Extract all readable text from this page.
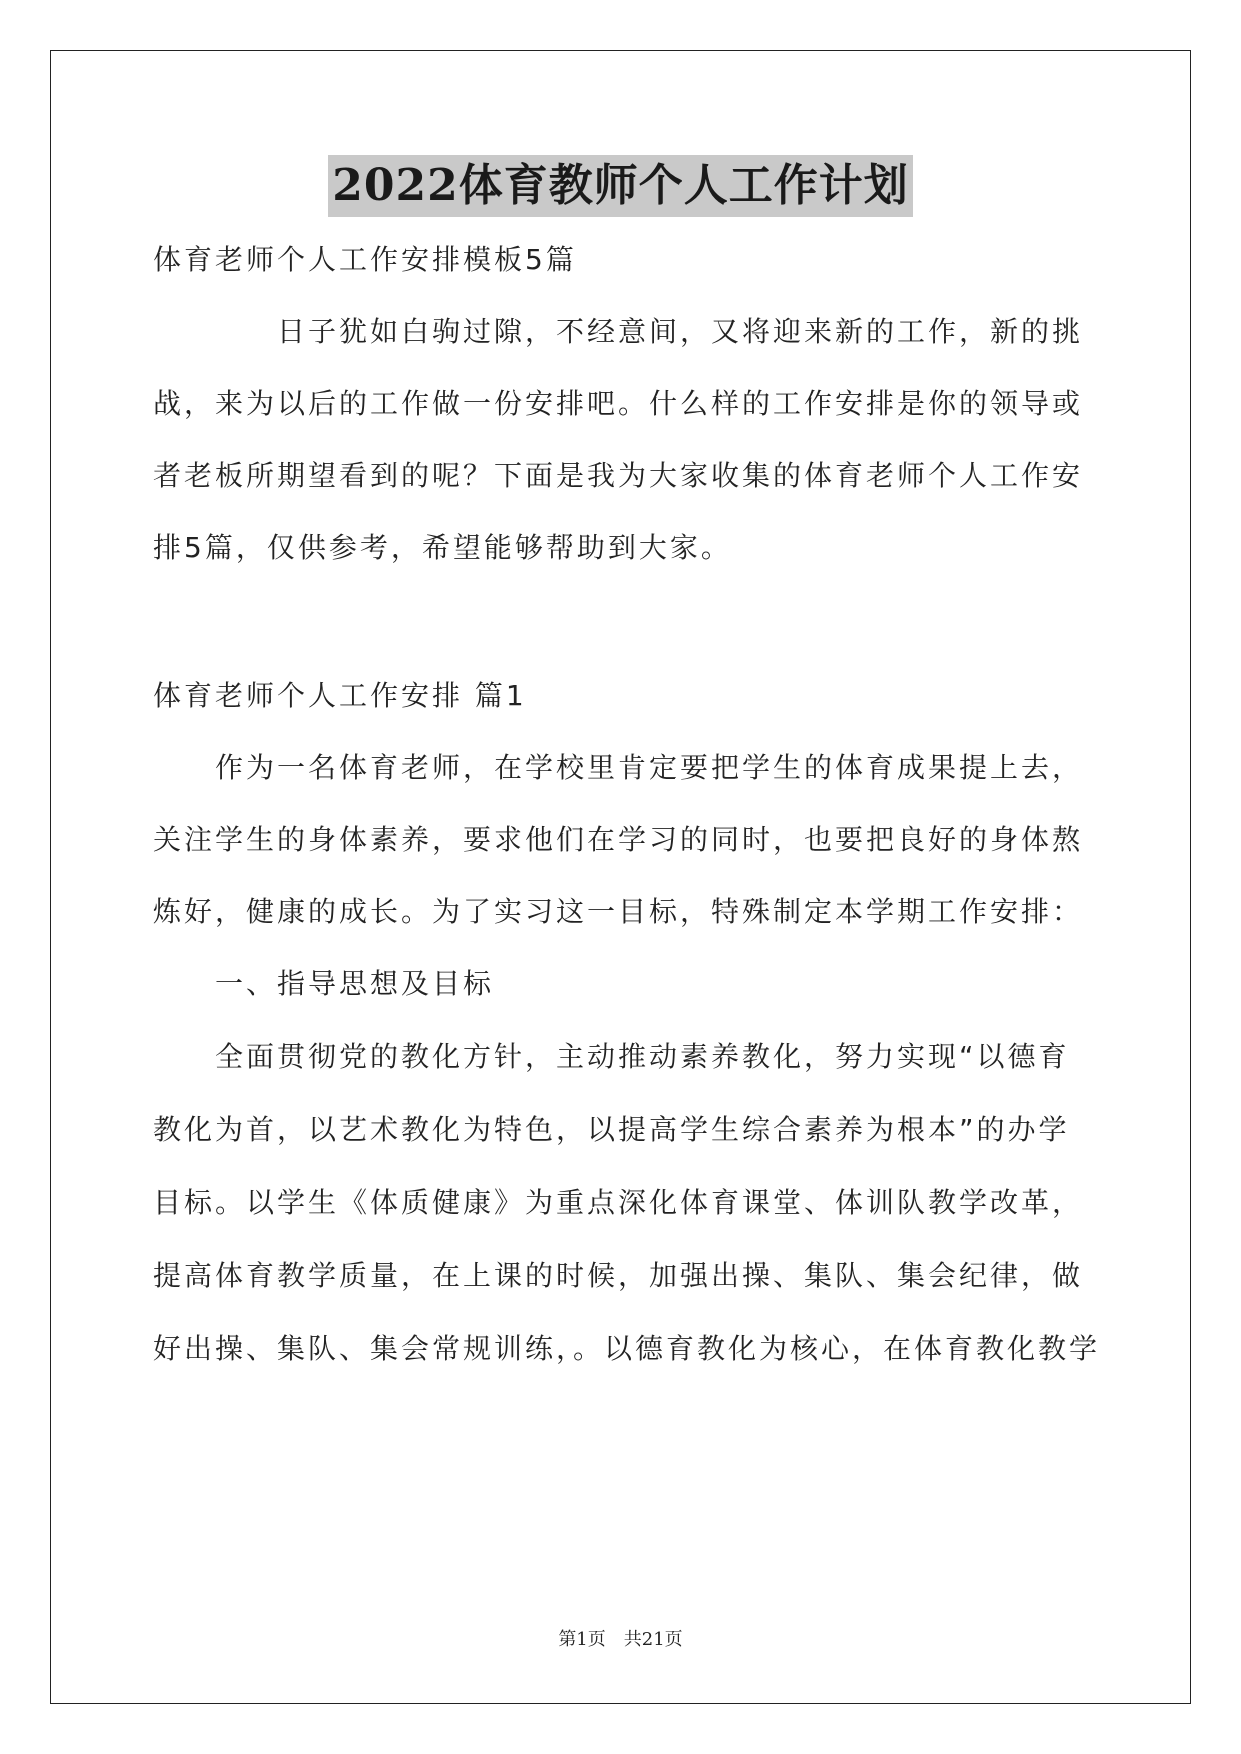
2022体育教师个人工作计划
体育老师个人工作安排模板5篇
　　　　日子犹如白驹过隙，不经意间，又将迎来新的工作，新的挑
战，来为以后的工作做一份安排吧。什么样的工作安排是你的领导或
者老板所期望看到的呢？下面是我为大家收集的体育老师个人工作安
排5篇，仅供参考，希望能够帮助到大家。
体育老师个人工作安排 篇1
　　作为一名体育老师，在学校里肯定要把学生的体育成果提上去，
关注学生的身体素养，要求他们在学习的同时，也要把良好的身体熬
炼好，健康的成长。为了实习这一目标，特殊制定本学期工作安排：
　　一、指导思想及目标
　　全面贯彻党的教化方针，主动推动素养教化，努力实现“以德育
教化为首，以艺术教化为特色，以提高学生综合素养为根本”的办学
目标。以学生《体质健康》为重点深化体育课堂、体训队教学改革，
提高体育教学质量，在上课的时候，加强出操、集队、集会纪律，做
好出操、集队、集会常规训练，。以德育教化为核心，在体育教化教学
第1页　共21页
